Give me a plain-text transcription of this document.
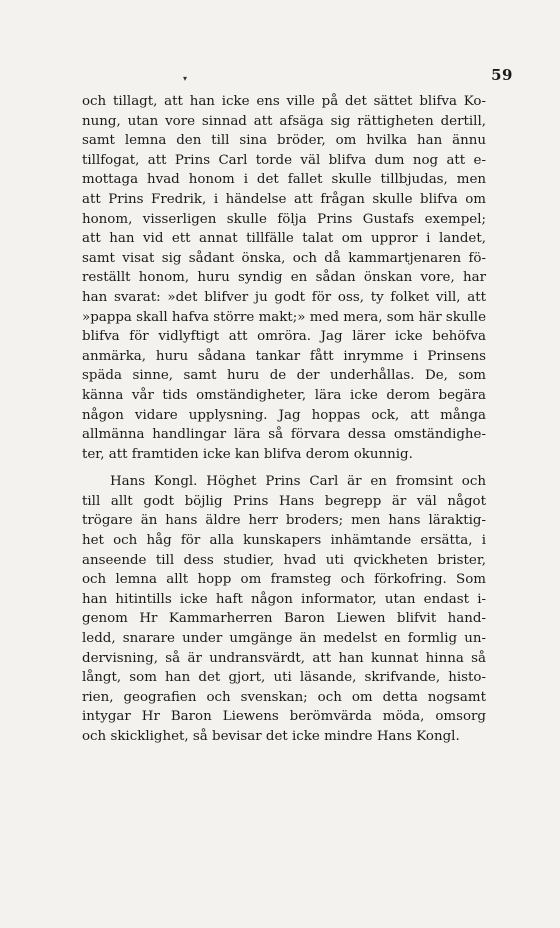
▾	59
och tillagt, att han icke ens ville på det sättet blifva Ko-
nung, utan vore sinnad att afsäga sig rättigheten dertill,
samt lemna den till sina bröder, om hvilka han ännu
tillfogat, att Prins Carl torde väl blifva dum nog att e-
mottaga hvad honom i det fallet skulle tillbjudas, men
att Prins Fredrik, i händelse att frågan skulle blifva om
honom, visserligen skulle följa Prins Gustafs exempel;
att han vid ett annat tillfälle talat om uppror i landet,
samt visat sig sådant önska, och då kammartjenaren fö-
reställt honom, huru syndig en sådan önskan vore, har
han svarat: »det blifver ju godt för oss, ty folket vill, att
»pappa skall hafva större makt;» med mera, som här skulle
blifva för vidlyftigt att omröra. Jag lärer icke behöfva
anmärka, huru sådana tankar fått inrymme i Prinsens
späda sinne, samt huru de der underhållas. De, som
känna vår tids omständigheter, lära icke derom begära
någon vidare upplysning. Jag hoppas ock, att många
allmänna handlingar lära så förvara dessa omständighe-
ter, att framtiden icke kan blifva derom okunnig.
Hans Kongl. Höghet Prins Carl är en fromsint och
till allt godt böjlig Prins Hans begrepp är väl något
trögare än hans äldre herr broders; men hans läraktig-
het och håg för alla kunskapers inhämtande ersätta, i
anseende till dess studier, hvad uti qvickheten brister,
och lemna allt hopp om framsteg och förkofring. Som
han hitintills icke haft någon informator, utan endast i-
genom Hr Kammarherren Baron Liewen blifvit hand-
ledd, snarare under umgänge än medelst en formlig un-
dervisning, så är undransvärdt, att han kunnat hinna så
långt, som han det gjort, uti läsande, skrifvande, histo-
rien, geografien och svenskan; och om detta nogsamt
intygar Hr Baron Liewens berömvärda möda, omsorg
och skicklighet, så bevisar det icke mindre Hans Kongl.
